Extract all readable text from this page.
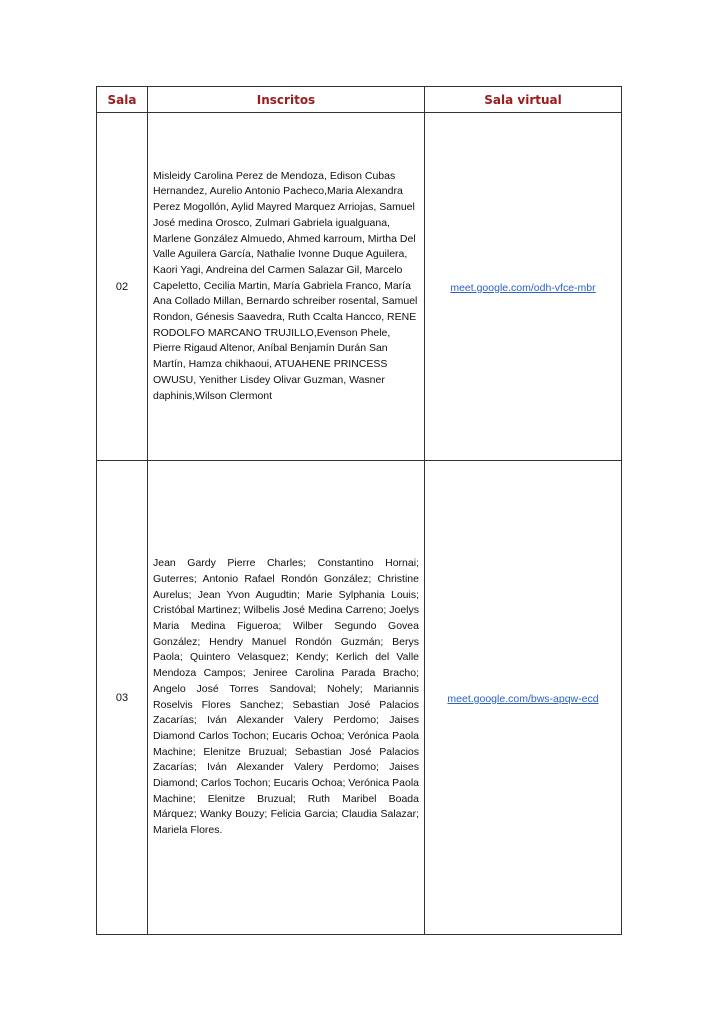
Sala	Inscritos	Sala virtual
02	Misleidy Carolina Perez de Mendoza, Edison Cubas Hernandez, Aurelio Antonio Pacheco,Maria Alexandra Perez Mogollón, Aylid Mayred Marquez Arriojas, Samuel José medina Orosco, Zulmari Gabriela igualguana, Marlene González Almuedo, Ahmed karroum, Mirtha Del Valle Aguilera García, Nathalie Ivonne Duque Aguilera, Kaori Yagi, Andreina del Carmen Salazar Gil, Marcelo Capeletto, Cecilia Martin, María Gabriela Franco, María Ana Collado Millan, Bernardo schreiber rosental, Samuel Rondon, Génesis Saavedra, Ruth Ccalta Hancco, RENE RODOLFO MARCANO TRUJILLO,Evenson Phele, Pierre Rigaud Altenor, Aníbal Benjamín Durán San Martín, Hamza chikhaoui, ATUAHENE PRINCESS OWUSU, Yenither Lisdey Olivar Guzman, Wasner daphinis,Wilson Clermont	meet.google.com/odh-vfce-mbr
03	Jean Gardy Pierre Charles; Constantino Hornai; Guterres; Antonio Rafael Rondón González; Christine Aurelus; Jean Yvon Augudtin; Marie Sylphania Louis; Cristóbal Martinez; Wilbelis José Medina Carreno; Joelys Maria Medina Figueroa; Wilber Segundo Govea González; Hendry Manuel Rondón Guzmán; Berys Paola; Quintero Velasquez; Kendy; Kerlich del Valle Mendoza Campos; Jeniree Carolina Parada Bracho; Angelo José Torres Sandoval; Nohely; Mariannis Roselvis Flores Sanchez; Sebastian José Palacios Zacarías; Iván Alexander Valery Perdomo; Jaises Diamond Carlos Tochon; Eucaris Ochoa; Verónica Paola Machine; Elenitze Bruzual; Sebastian José Palacios Zacarías; Iván Alexander Valery Perdomo; Jaises Diamond; Carlos Tochon; Eucaris Ochoa; Verónica Paola Machine; Elenitze Bruzual; Ruth Maribel Boada Márquez; Wanky Bouzy; Felicia Garcia; Claudia Salazar; Mariela Flores.	meet.google.com/bws-apqw-ecd
